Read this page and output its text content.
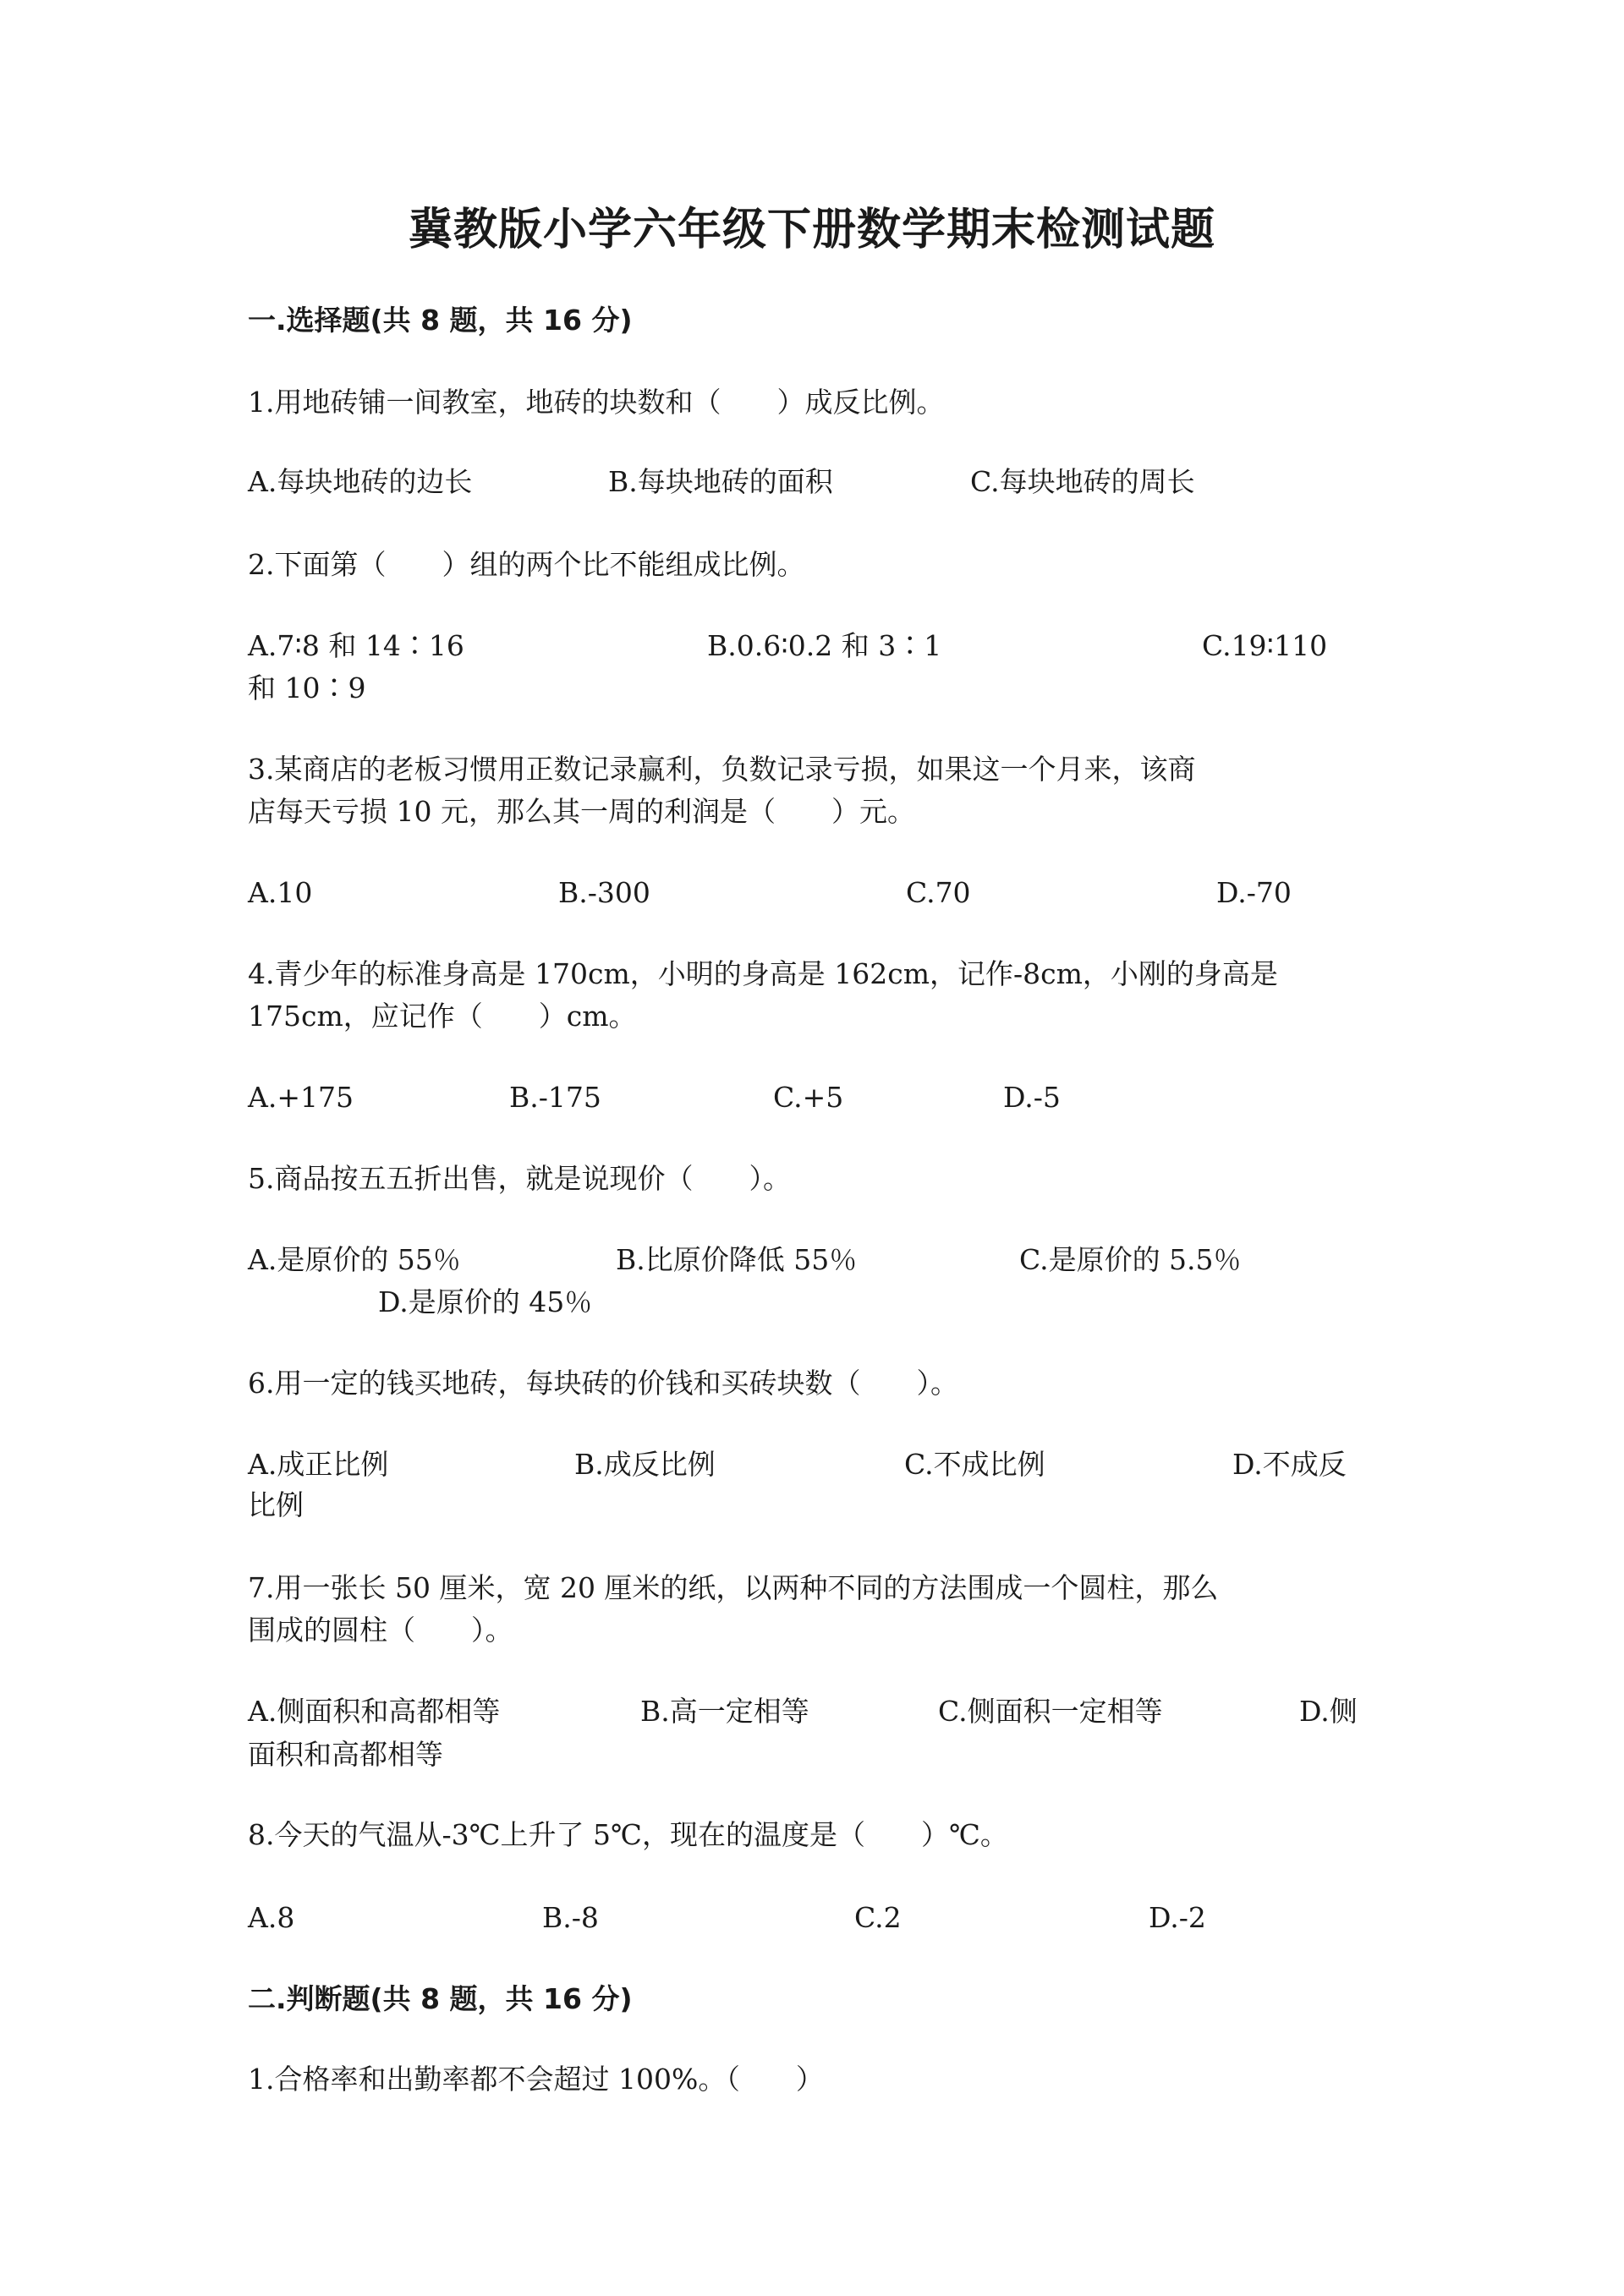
冀教版小学六年级下册数学期末检测试题
一.选择题(共 8 题，共 16 分)
1.用地砖铺一间教室，地砖的块数和（　　）成反比例。
A.每块地砖的边长	B.每块地砖的面积	C.每块地砖的周长
2.下面第（　　）组的两个比不能组成比例。
A.7∶8 和 14∶16	B.0.6∶0.2 和 3∶1	C.19∶110
和 10∶9
3.某商店的老板习惯用正数记录赢利，负数记录亏损，如果这一个月来，该商
店每天亏损 10 元，那么其一周的利润是（　　）元。
A.10	B.-300	C.70	D.-70
4.青少年的标准身高是 170cm，小明的身高是 162cm，记作-8cm，小刚的身高是
175cm，应记作（　　）cm。
A.+175	B.-175	C.+5	D.-5
5.商品按五五折出售，就是说现价（　　）。
A.是原价的 55％	B.比原价降低 55％	C.是原价的 5.5％
D.是原价的 45％
6.用一定的钱买地砖，每块砖的价钱和买砖块数（　　）。
A.成正比例	B.成反比例	C.不成比例	D.不成反
比例
7.用一张长 50 厘米，宽 20 厘米的纸，以两种不同的方法围成一个圆柱，那么
围成的圆柱（　　）。
A.侧面积和高都相等	B.高一定相等	C.侧面积一定相等	D.侧
面积和高都相等
8.今天的气温从-3℃上升了 5℃，现在的温度是（　　）℃。
A.8	B.-8	C.2	D.-2
二.判断题(共 8 题，共 16 分)
1.合格率和出勤率都不会超过 100%。（　　）
